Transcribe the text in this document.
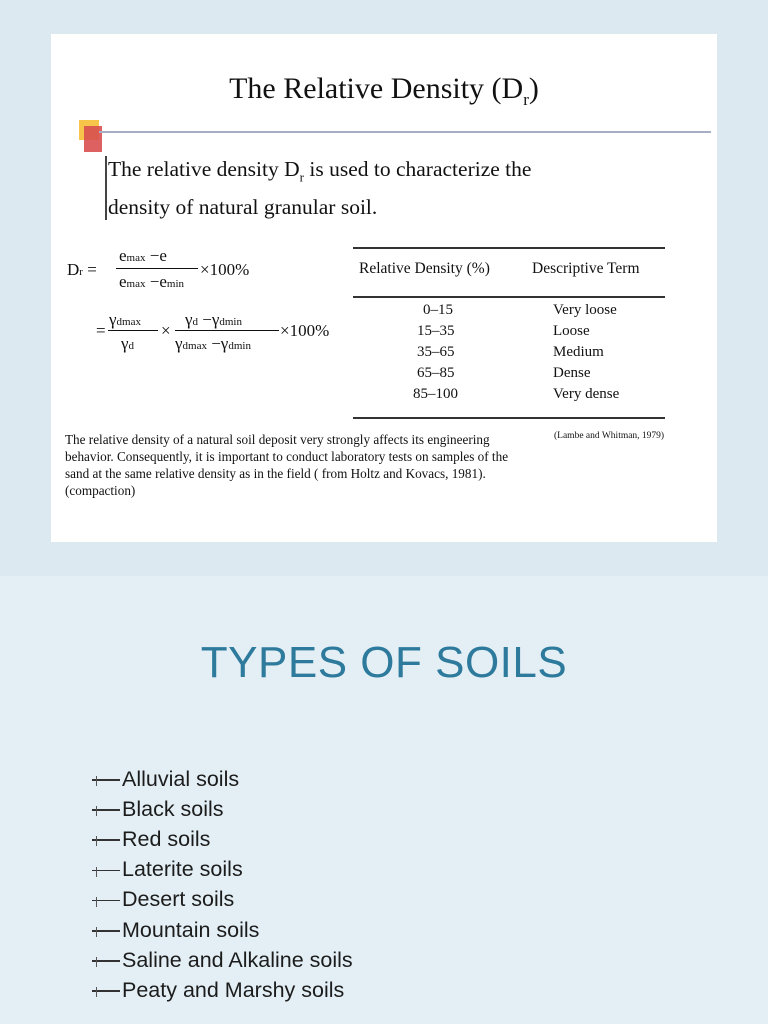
The Relative Density $(D_r)$
The relative density $D_r$ is used to characterize the
density of natural granular soil.
Dr =
emax −e
emax −emin
×100%
=
γdmax
γd
×
γd −γdmin
γdmax −γdmin
×100%
Relative Density (%)	Descriptive Term
0–15	Very loose
15–35	Loose
35–65	Medium
65–85	Dense
85–100	Very dense
(Lambe and Whitman, 1979)
The relative density of a natural soil deposit very strongly affects its engineering behavior. Consequently, it is important to conduct laboratory tests on samples of the sand at the same relative density as in the field ( from Holtz and Kovacs, 1981). (compaction)
TYPES OF SOILS
Alluvial soils
Black soils
Red soils
Laterite soils
Desert soils
Mountain soils
Saline and Alkaline soils
Peaty and Marshy soils
